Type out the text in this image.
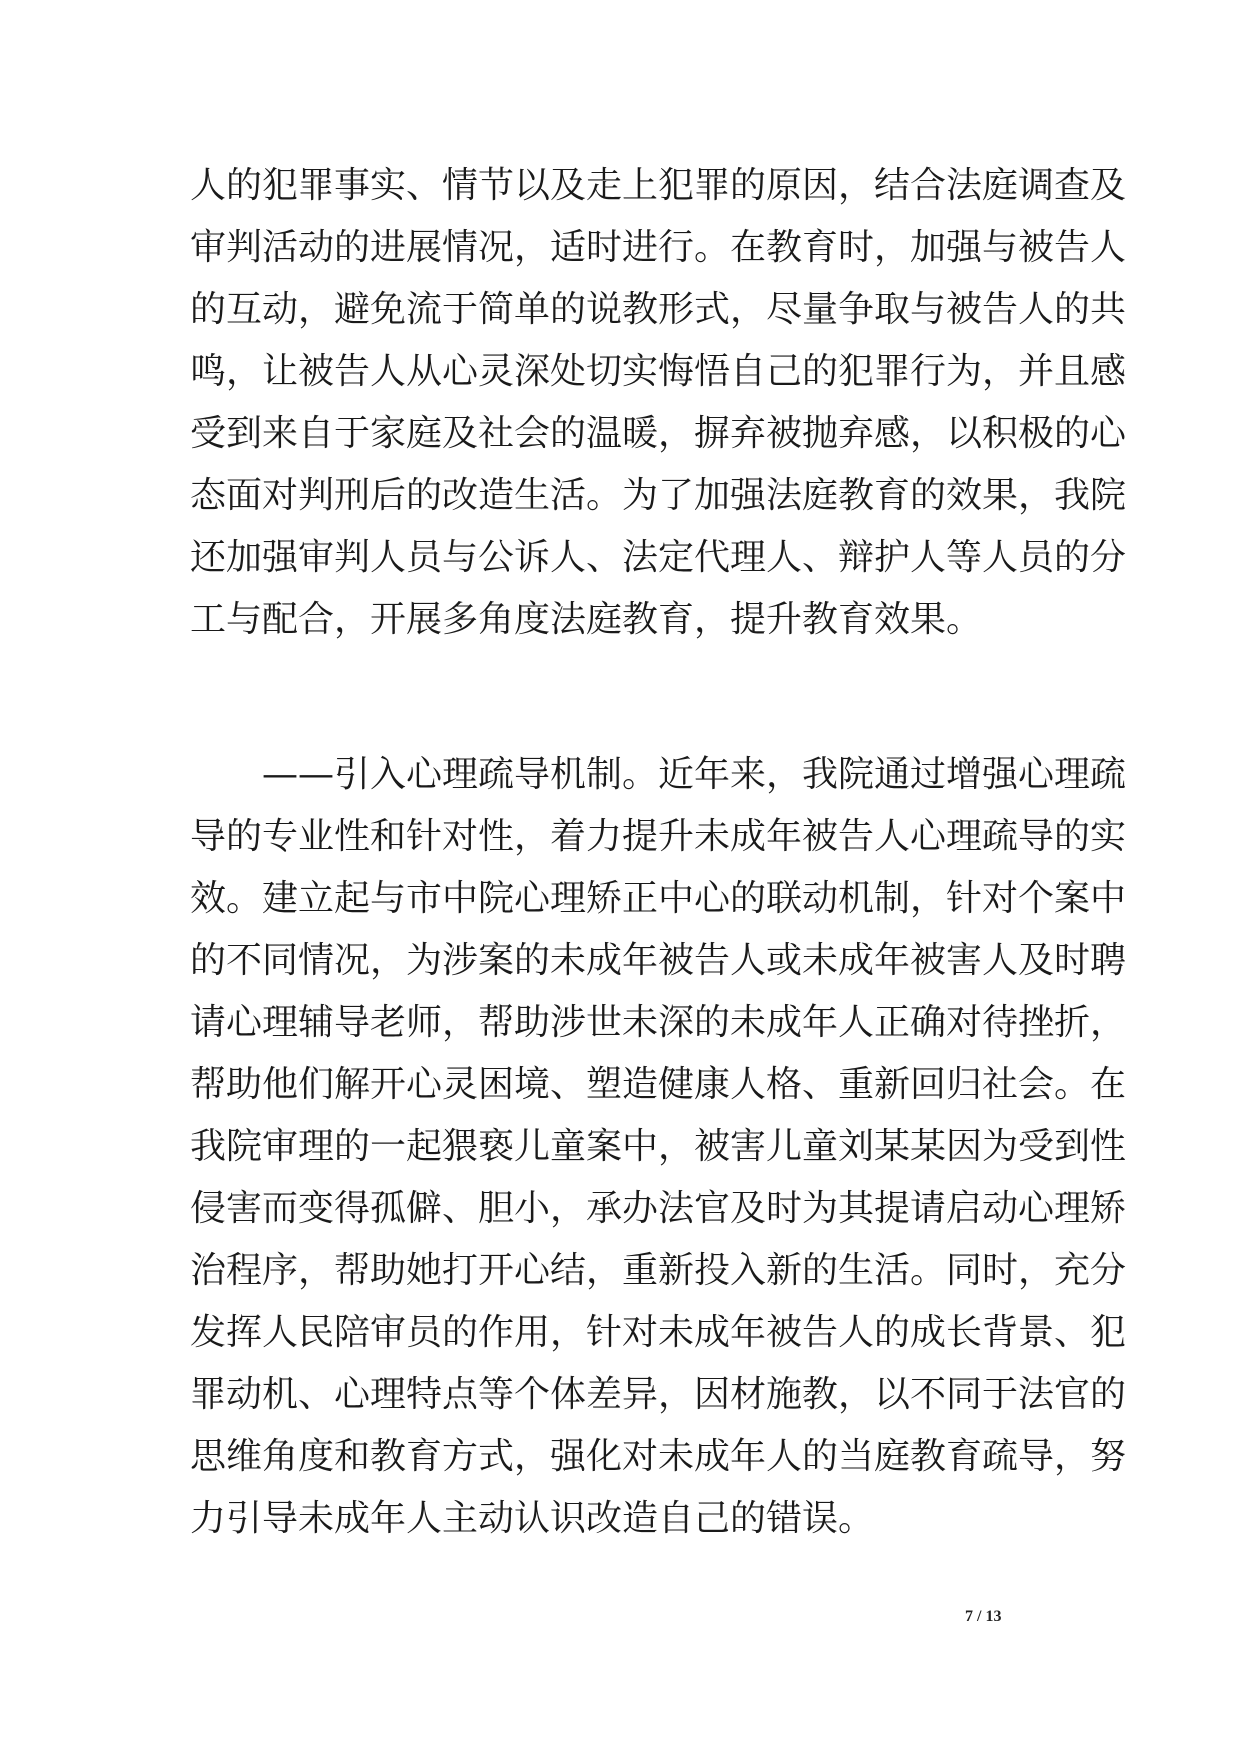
人的犯罪事实、情节以及走上犯罪的原因，结合法庭调查及
审判活动的进展情况，适时进行。在教育时，加强与被告人
的互动，避免流于简单的说教形式，尽量争取与被告人的共
鸣，让被告人从心灵深处切实悔悟自己的犯罪行为，并且感
受到来自于家庭及社会的温暖，摒弃被抛弃感，以积极的心
态面对判刑后的改造生活。为了加强法庭教育的效果，我院
还加强审判人员与公诉人、法定代理人、辩护人等人员的分
工与配合，开展多角度法庭教育，提升教育效果。
——引入心理疏导机制。近年来，我院通过增强心理疏
导的专业性和针对性，着力提升未成年被告人心理疏导的实
效。建立起与市中院心理矫正中心的联动机制，针对个案中
的不同情况，为涉案的未成年被告人或未成年被害人及时聘
请心理辅导老师，帮助涉世未深的未成年人正确对待挫折，
帮助他们解开心灵困境、塑造健康人格、重新回归社会。在
我院审理的一起猥亵儿童案中，被害儿童刘某某因为受到性
侵害而变得孤僻、胆小，承办法官及时为其提请启动心理矫
治程序，帮助她打开心结，重新投入新的生活。同时，充分
发挥人民陪审员的作用，针对未成年被告人的成长背景、犯
罪动机、心理特点等个体差异，因材施教，以不同于法官的
思维角度和教育方式，强化对未成年人的当庭教育疏导，努
力引导未成年人主动认识改造自己的错误。
7 / 13
